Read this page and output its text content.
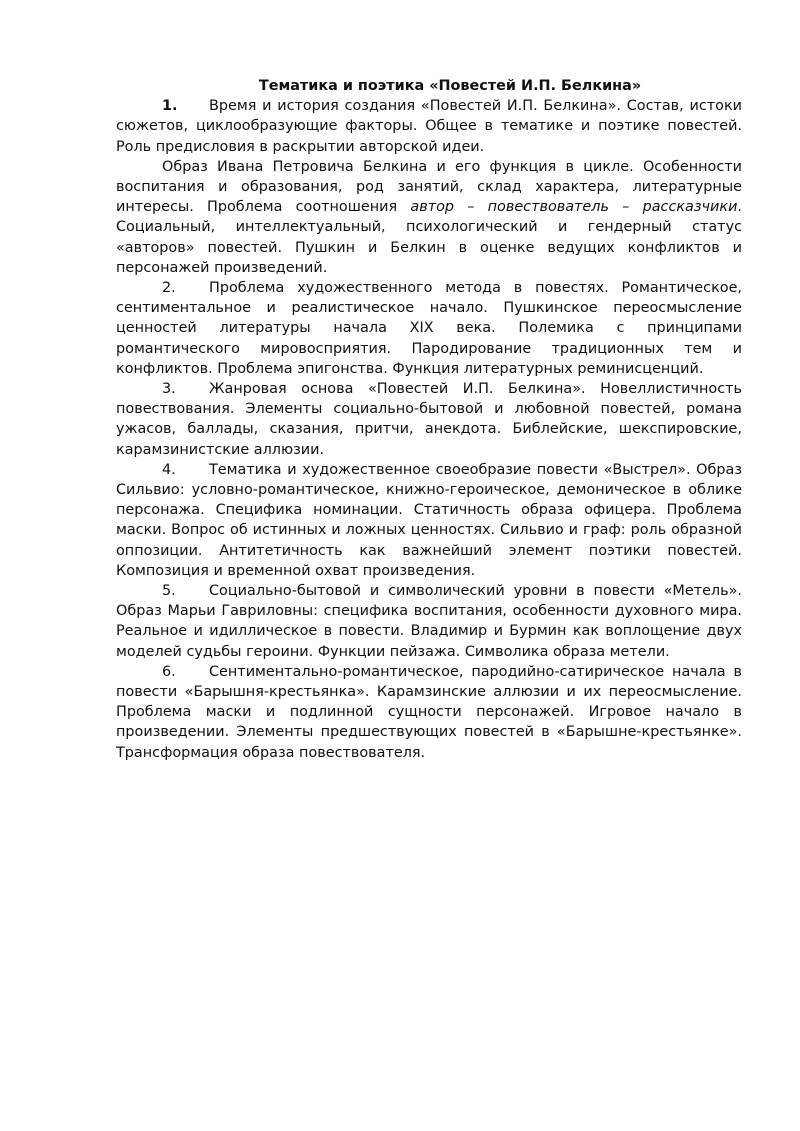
Тематика и поэтика «Повестей И.П. Белкина»

1. Время и история создания «Повестей И.П. Белкина». Состав, истоки сюжетов, циклообразующие факторы. Общее в тематике и поэтике повестей. Роль предисловия в раскрытии авторской идеи.

Образ Ивана Петровича Белкина и его функция в цикле. Особенности воспитания и образования, род занятий, склад характера, литературные интересы. Проблема соотношения автор – повествователь – рассказчики. Социальный, интеллектуальный, психологический и гендерный статус «авторов» повестей. Пушкин и Белкин в оценке ведущих конфликтов и персонажей произведений.

2. Проблема художественного метода в повестях. Романтическое, сентиментальное и реалистическое начало. Пушкинское переосмысление ценностей литературы начала XIX века. Полемика с принципами романтического мировосприятия. Пародирование традиционных тем и конфликтов. Проблема эпигонства. Функция литературных реминисценций.

3. Жанровая основа «Повестей И.П. Белкина». Новеллистичность повествования. Элементы социально-бытовой и любовной повестей, романа ужасов, баллады, сказания, притчи, анекдота. Библейские, шекспировские, карамзинистские аллюзии.

4. Тематика и художественное своеобразие повести «Выстрел». Образ Сильвио: условно-романтическое, книжно-героическое, демоническое в облике персонажа. Специфика номинации. Статичность образа офицера. Проблема маски. Вопрос об истинных и ложных ценностях. Сильвио и граф: роль образной оппозиции. Антитетичность как важнейший элемент поэтики повестей. Композиция и временной охват произведения.

5. Социально-бытовой и символический уровни в повести «Метель». Образ Марьи Гавриловны: специфика воспитания, особенности духовного мира. Реальное и идиллическое в повести. Владимир и Бурмин как воплощение двух моделей судьбы героини. Функции пейзажа. Символика образа метели.

6. Сентиментально-романтическое, пародийно-сатирическое начала в повести «Барышня-крестьянка». Карамзинские аллюзии и их переосмысление. Проблема маски и подлинной сущности персонажей. Игровое начало в произведении. Элементы предшествующих повестей в «Барышне-крестьянке». Трансформация образа повествователя.
